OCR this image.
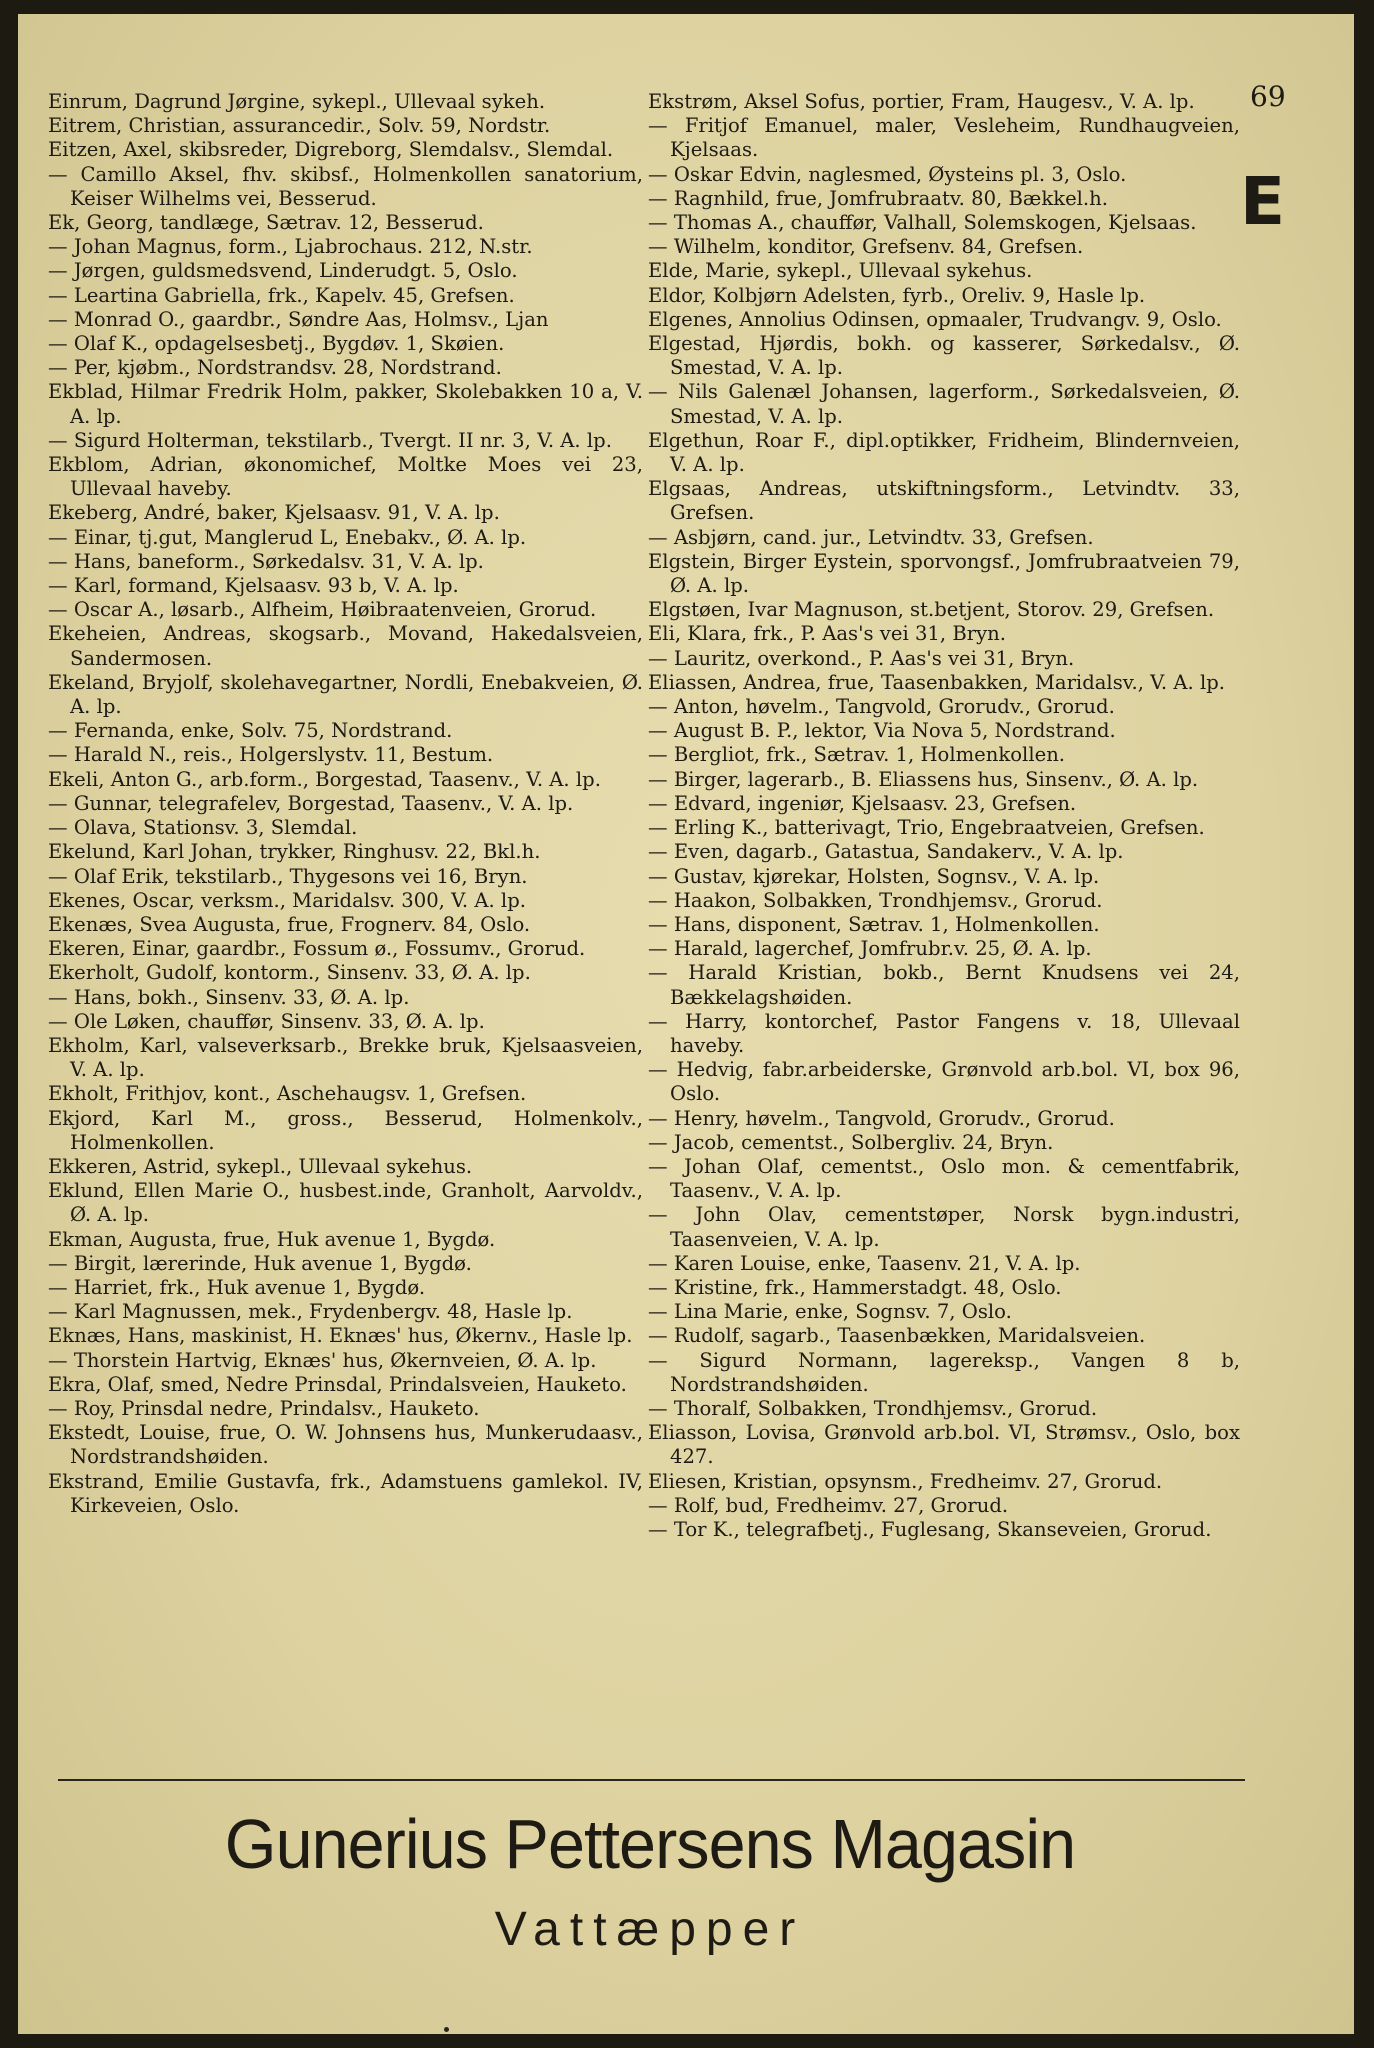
69
E
Einrum, Dagrund Jørgine, sykepl., Ullevaal sykeh.
Eitrem, Christian, assurancedir., Solv. 59, Nordstr.
Eitzen, Axel, skibsreder, Digreborg, Slemdalsv., Slemdal.
— Camillo Aksel, fhv. skibsf., Holmenkollen sanatorium, Keiser Wilhelms vei, Besserud.
Ek, Georg, tandlæge, Sætrav. 12, Besserud.
— Johan Magnus, form., Ljabrochaus. 212, N.str.
— Jørgen, guldsmedsvend, Linderudgt. 5, Oslo.
— Leartina Gabriella, frk., Kapelv. 45, Grefsen.
— Monrad O., gaardbr., Søndre Aas, Holmsv., Ljan
— Olaf K., opdagelsesbetj., Bygdøv. 1, Skøien.
— Per, kjøbm., Nordstrandsv. 28, Nordstrand.
Ekblad, Hilmar Fredrik Holm, pakker, Skolebakken 10 a, V. A. lp.
— Sigurd Holterman, tekstilarb., Tvergt. II nr. 3, V. A. lp.
Ekblom, Adrian, økonomichef, Moltke Moes vei 23, Ullevaal haveby.
Ekeberg, André, baker, Kjelsaasv. 91, V. A. lp.
— Einar, tj.gut, Manglerud L, Enebakv., Ø. A. lp.
— Hans, baneform., Sørkedalsv. 31, V. A. lp.
— Karl, formand, Kjelsaasv. 93 b, V. A. lp.
— Oscar A., løsarb., Alfheim, Høibraatenveien, Grorud.
Ekeheien, Andreas, skogsarb., Movand, Hakedalsveien, Sandermosen.
Ekeland, Bryjolf, skolehavegartner, Nordli, Enebakveien, Ø. A. lp.
— Fernanda, enke, Solv. 75, Nordstrand.
— Harald N., reis., Holgerslystv. 11, Bestum.
Ekeli, Anton G., arb.form., Borgestad, Taasenv., V. A. lp.
— Gunnar, telegrafelev, Borgestad, Taasenv., V. A. lp.
— Olava, Stationsv. 3, Slemdal.
Ekelund, Karl Johan, trykker, Ringhusv. 22, Bkl.h.
— Olaf Erik, tekstilarb., Thygesons vei 16, Bryn.
Ekenes, Oscar, verksm., Maridalsv. 300, V. A. lp.
Ekenæs, Svea Augusta, frue, Frognerv. 84, Oslo.
Ekeren, Einar, gaardbr., Fossum ø., Fossumv., Grorud.
Ekerholt, Gudolf, kontorm., Sinsenv. 33, Ø. A. lp.
— Hans, bokh., Sinsenv. 33, Ø. A. lp.
— Ole Løken, chauffør, Sinsenv. 33, Ø. A. lp.
Ekholm, Karl, valseverksarb., Brekke bruk, Kjelsaasveien, V. A. lp.
Ekholt, Frithjov, kont., Aschehaugsv. 1, Grefsen.
Ekjord, Karl M., gross., Besserud, Holmenkolv., Holmenkollen.
Ekkeren, Astrid, sykepl., Ullevaal sykehus.
Eklund, Ellen Marie O., husbest.inde, Granholt, Aarvoldv., Ø. A. lp.
Ekman, Augusta, frue, Huk avenue 1, Bygdø.
— Birgit, lærerinde, Huk avenue 1, Bygdø.
— Harriet, frk., Huk avenue 1, Bygdø.
— Karl Magnussen, mek., Frydenbergv. 48, Hasle lp.
Eknæs, Hans, maskinist, H. Eknæs' hus, Økernv., Hasle lp.
— Thorstein Hartvig, Eknæs' hus, Økernveien, Ø. A. lp.
Ekra, Olaf, smed, Nedre Prinsdal, Prindalsveien, Hauketo.
— Roy, Prinsdal nedre, Prindalsv., Hauketo.
Ekstedt, Louise, frue, O. W. Johnsens hus, Munkerudaasv., Nordstrandshøiden.
Ekstrand, Emilie Gustavfa, frk., Adamstuens gamlekol. IV, Kirkeveien, Oslo.
Ekstrøm, Aksel Sofus, portier, Fram, Haugesv., V. A. lp.
— Fritjof Emanuel, maler, Vesleheim, Rundhaugveien, Kjelsaas.
— Oskar Edvin, naglesmed, Øysteins pl. 3, Oslo.
— Ragnhild, frue, Jomfrubraatv. 80, Bækkel.h.
— Thomas A., chauffør, Valhall, Solemskogen, Kjelsaas.
— Wilhelm, konditor, Grefsenv. 84, Grefsen.
Elde, Marie, sykepl., Ullevaal sykehus.
Eldor, Kolbjørn Adelsten, fyrb., Oreliv. 9, Hasle lp.
Elgenes, Annolius Odinsen, opmaaler, Trudvangv. 9, Oslo.
Elgestad, Hjørdis, bokh. og kasserer, Sørkedalsv., Ø. Smestad, V. A. lp.
— Nils Galenæl Johansen, lagerform., Sørkedalsveien, Ø. Smestad, V. A. lp.
Elgethun, Roar F., dipl.optikker, Fridheim, Blindernveien, V. A. lp.
Elgsaas, Andreas, utskiftningsform., Letvindtv. 33, Grefsen.
— Asbjørn, cand. jur., Letvindtv. 33, Grefsen.
Elgstein, Birger Eystein, sporvongsf., Jomfrubraatveien 79, Ø. A. lp.
Elgstøen, Ivar Magnuson, st.betjent, Storov. 29, Grefsen.
Eli, Klara, frk., P. Aas's vei 31, Bryn.
— Lauritz, overkond., P. Aas's vei 31, Bryn.
Eliassen, Andrea, frue, Taasenbakken, Maridalsv., V. A. lp.
— Anton, høvelm., Tangvold, Grorudv., Grorud.
— August B. P., lektor, Via Nova 5, Nordstrand.
— Bergliot, frk., Sætrav. 1, Holmenkollen.
— Birger, lagerarb., B. Eliassens hus, Sinsenv., Ø. A. lp.
— Edvard, ingeniør, Kjelsaasv. 23, Grefsen.
— Erling K., batterivagt, Trio, Engebraatveien, Grefsen.
— Even, dagarb., Gatastua, Sandakerv., V. A. lp.
— Gustav, kjørekar, Holsten, Sognsv., V. A. lp.
— Haakon, Solbakken, Trondhjemsv., Grorud.
— Hans, disponent, Sætrav. 1, Holmenkollen.
— Harald, lagerchef, Jomfrubr.v. 25, Ø. A. lp.
— Harald Kristian, bokb., Bernt Knudsens vei 24, Bækkelagshøiden.
— Harry, kontorchef, Pastor Fangens v. 18, Ullevaal haveby.
— Hedvig, fabr.arbeiderske, Grønvold arb.bol. VI, box 96, Oslo.
— Henry, høvelm., Tangvold, Grorudv., Grorud.
— Jacob, cementst., Solbergliv. 24, Bryn.
— Johan Olaf, cementst., Oslo mon. & cementfabrik, Taasenv., V. A. lp.
— John Olav, cementstøper, Norsk bygn.industri, Taasenveien, V. A. lp.
— Karen Louise, enke, Taasenv. 21, V. A. lp.
— Kristine, frk., Hammerstadgt. 48, Oslo.
— Lina Marie, enke, Sognsv. 7, Oslo.
— Rudolf, sagarb., Taasenbækken, Maridalsveien.
— Sigurd Normann, lagereksp., Vangen 8 b, Nordstrandshøiden.
— Thoralf, Solbakken, Trondhjemsv., Grorud.
Eliasson, Lovisa, Grønvold arb.bol. VI, Strømsv., Oslo, box 427.
Eliesen, Kristian, opsynsm., Fredheimv. 27, Grorud.
— Rolf, bud, Fredheimv. 27, Grorud.
— Tor K., telegrafbetj., Fuglesang, Skanseveien, Grorud.
Gunerius Pettersens Magasin
Vattæpper
